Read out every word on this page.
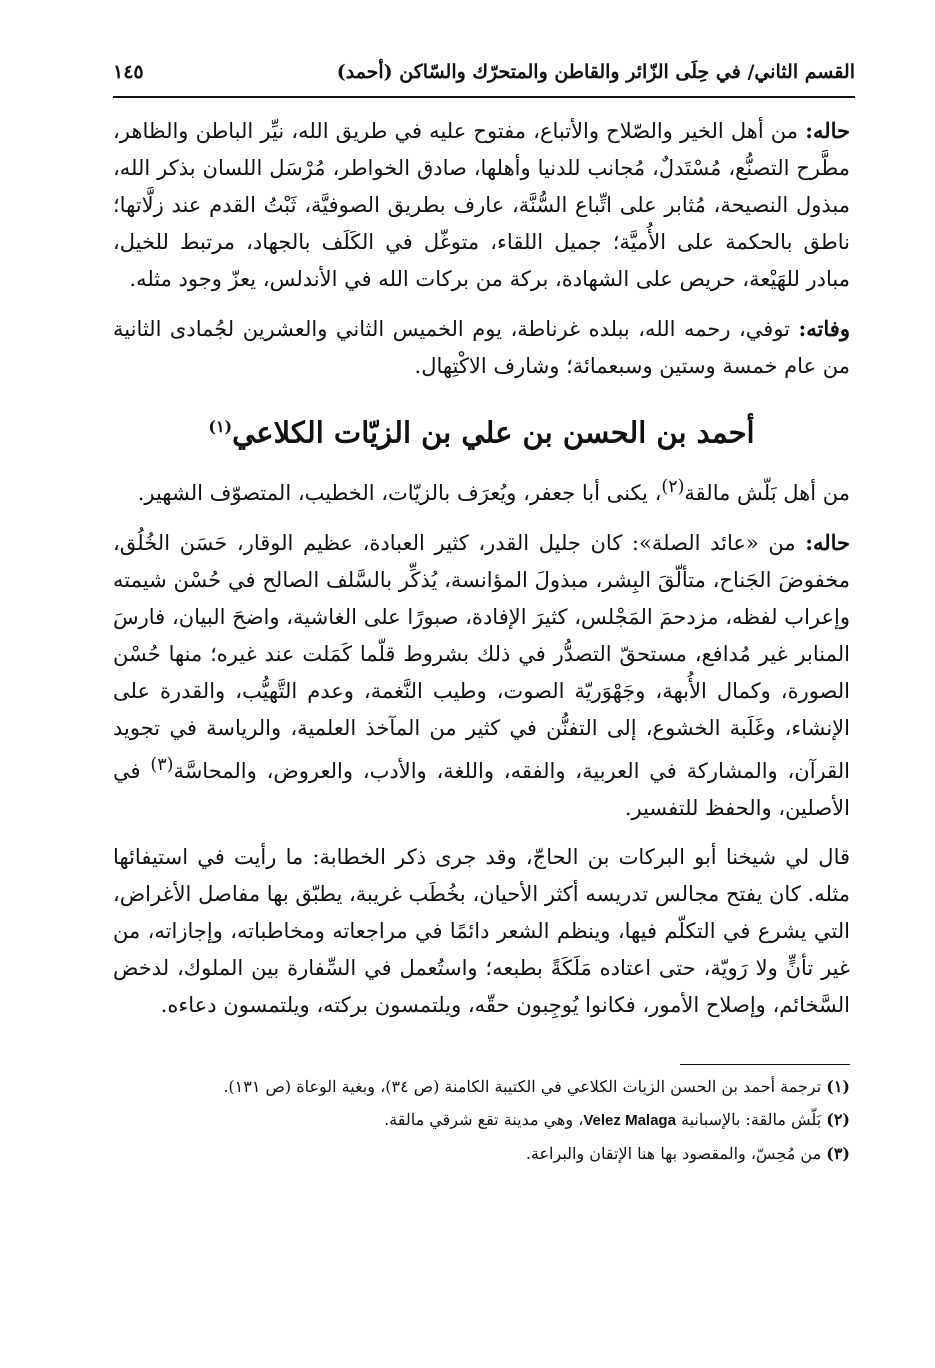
القسم الثاني/ في حِلَى الزّائر والقاطن والمتحرّك والسّاكن (أحمد)
١٤٥

حاله: من أهل الخير والصّلاح والأتباع، مفتوح عليه في طريق الله، نيِّر الباطن والظاهر، مطَّرح التصنُّع، مُسْتَدلٌ، مُجانب للدنيا وأهلها، صادق الخواطر، مُرْسَل اللسان بذكر الله، مبذول النصيحة، مُثابر على اتِّباع السُّنَّة، عارف بطريق الصوفيَّة، ثَبْتُ القدم عند زلَّاتها؛ ناطق بالحكمة على الأُميَّة؛ جميل اللقاء، متوغّل في الكَلَف بالجهاد، مرتبط للخيل، مبادر للهَيْعة، حريص على الشهادة، بركة من بركات الله في الأندلس، يعزّ وجود مثله.

وفاته: توفي، رحمه الله، ببلده غرناطة، يوم الخميس الثاني والعشرين لجُمادى الثانية من عام خمسة وستين وسبعمائة؛ وشارف الاكْتِهال.

أحمد بن الحسن بن علي بن الزيّات الكلاعي$^{(١)}$

من أهل بَلّش مالقة$^{(٢)}$، يكنى أبا جعفر، ويُعرَف بالزيّات، الخطيب، المتصوّف الشهير.

حاله: من «عائد الصلة»: كان جليل القدر، كثير العبادة، عظيم الوقار، حَسَن الخُلُق، مخفوضَ الجَناح، متألّقَ البِشر، مبذولَ المؤانسة، يُذكِّر بالسَّلف الصالح في حُسْن شيمته وإعراب لفظه، مزدحمَ المَجْلس، كثيرَ الإفادة، صبورًا على الغاشية، واضحَ البيان، فارسَ المنابر غير مُدافع، مستحقّ التصدُّر في ذلك بشروط قلّما كَمَلت عند غيره؛ منها حُسْن الصورة، وكمال الأُبهة، وجَهْوَريّة الصوت، وطيب النَّغمة، وعدم التَّهيُّب، والقدرة على الإنشاء، وغَلَبة الخشوع، إلى التفنُّن في كثير من المآخذ العلمية، والرياسة في تجويد القرآن، والمشاركة في العربية، والفقه، واللغة، والأدب، والعروض، والمحاسَّة$^{(٣)}$ في الأصلين، والحفظ للتفسير.

قال لي شيخنا أبو البركات بن الحاجّ، وقد جرى ذكر الخطابة: ما رأيت في استيفائها مثله. كان يفتح مجالس تدريسه أكثر الأحيان، بخُطَب غريبة، يطبّق بها مفاصل الأغراض، التي يشرع في التكلّم فيها، وينظم الشعر دائمًا في مراجعاته ومخاطباته، وإجازاته، من غير تأنٍّ ولا رَويّة، حتى اعتاده مَلَكَةً بطبعه؛ واستُعمل في السِّفارة بين الملوك، لدخض السَّخائم، وإصلاح الأمور، فكانوا يُوجِبون حقّه، ويلتمسون بركته، ويلتمسون دعاءه.

(١) ترجمة أحمد بن الحسن الزيات الكلاعي في الكتيبة الكامنة (ص ٣٤)، وبغية الوعاة (ص ١٣١).

(٢) بَلّش مالقة: بالإسبانية Velez Malaga، وهي مدينة تقع شرقي مالقة.

(٣) من مُحِسّ، والمقصود بها هنا الإتقان والبراعة.
